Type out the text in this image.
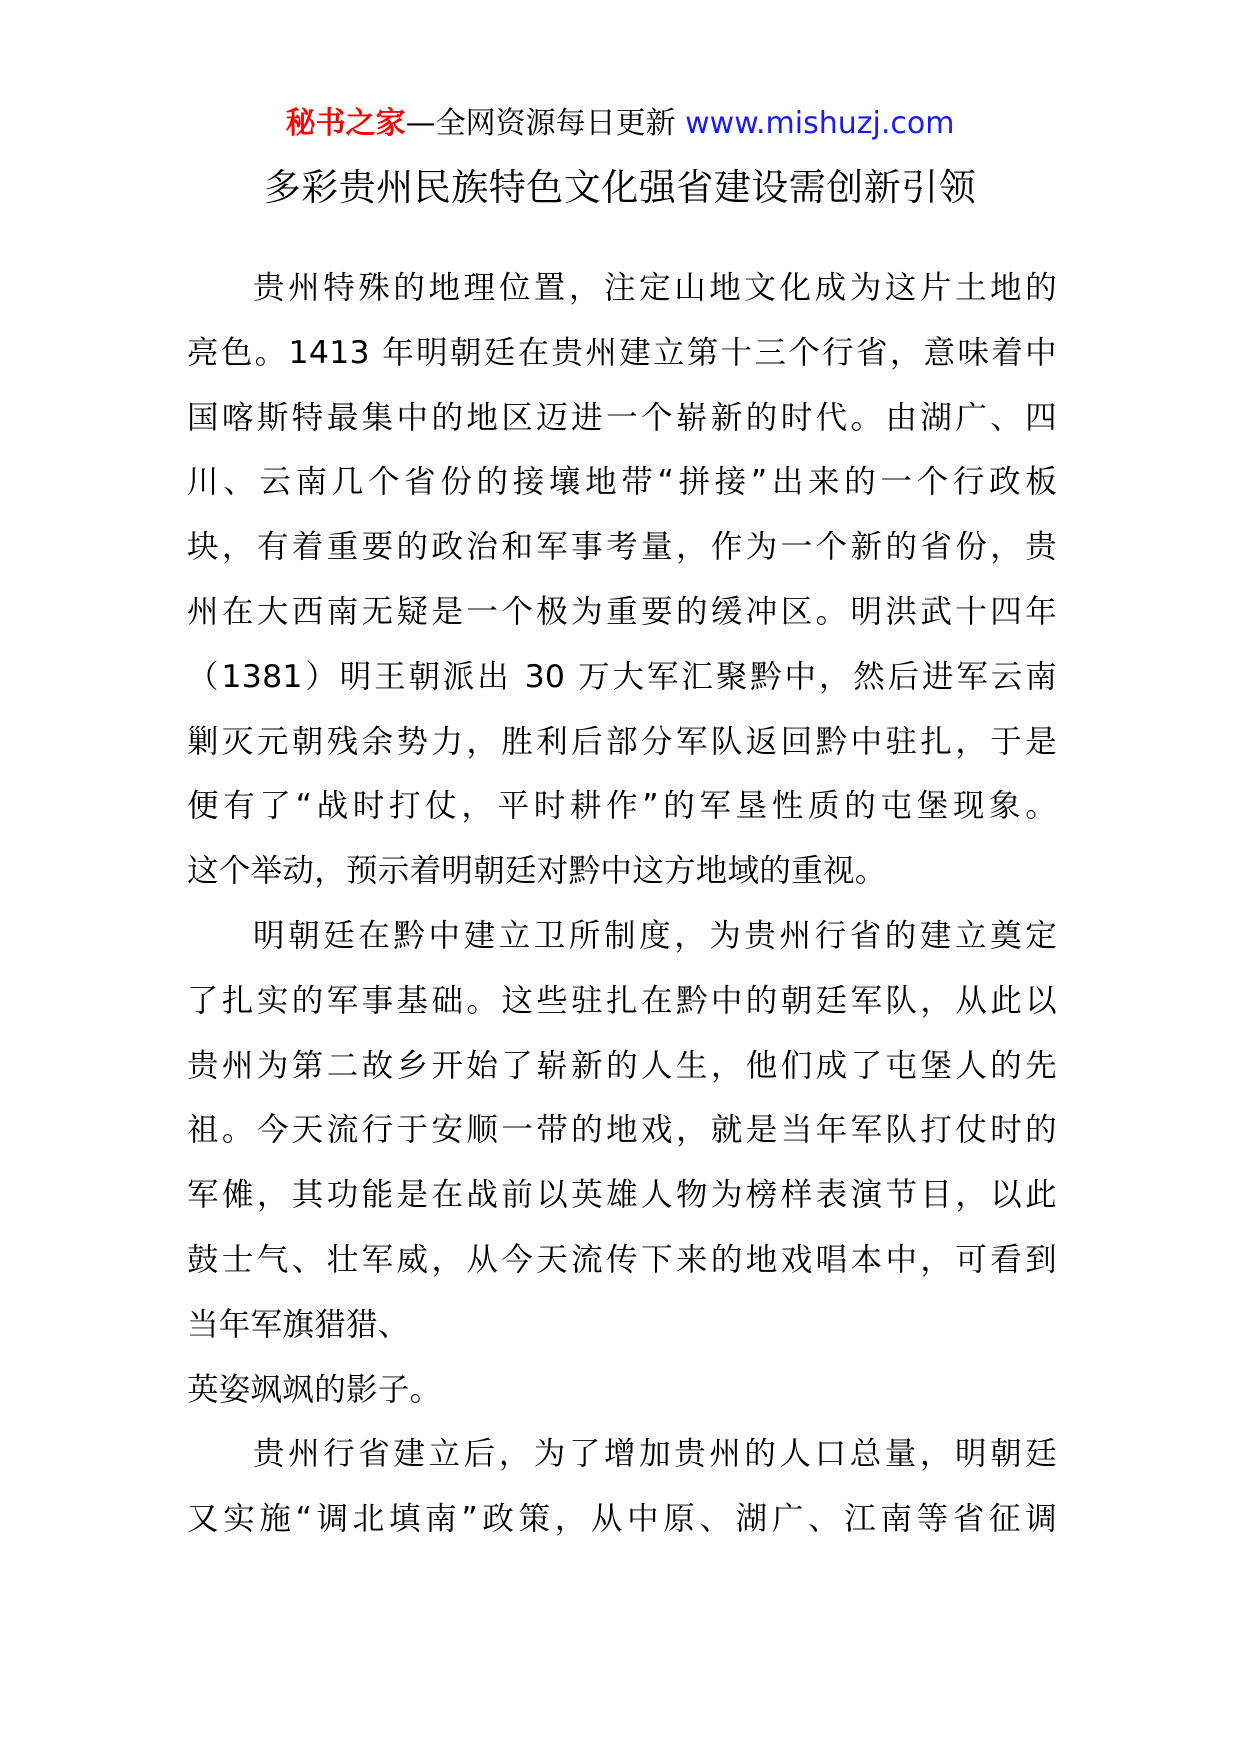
秘书之家—全网资源每日更新 www.mishuzj.com
多彩贵州民族特色文化强省建设需创新引领
贵州特殊的地理位置，注定山地文化成为这片土地的
亮色。1413 年明朝廷在贵州建立第十三个行省，意味着中
国喀斯特最集中的地区迈进一个崭新的时代。由湖广、四
川、云南几个省份的接壤地带“拼接”出来的一个行政板
块，有着重要的政治和军事考量，作为一个新的省份，贵
州在大西南无疑是一个极为重要的缓冲区。明洪武十四年
（1381）明王朝派出 30 万大军汇聚黔中，然后进军云南
剿灭元朝残余势力，胜利后部分军队返回黔中驻扎，于是
便有了“战时打仗，平时耕作”的军垦性质的屯堡现象。
这个举动，预示着明朝廷对黔中这方地域的重视。
明朝廷在黔中建立卫所制度，为贵州行省的建立奠定
了扎实的军事基础。这些驻扎在黔中的朝廷军队，从此以
贵州为第二故乡开始了崭新的人生，他们成了屯堡人的先
祖。今天流行于安顺一带的地戏，就是当年军队打仗时的
军傩，其功能是在战前以英雄人物为榜样表演节目，以此
鼓士气、壮军威，从今天流传下来的地戏唱本中，可看到
当年军旗猎猎、
英姿飒飒的影子。
贵州行省建立后，为了增加贵州的人口总量，明朝廷
又实施“调北填南”政策，从中原、湖广、江南等省征调
